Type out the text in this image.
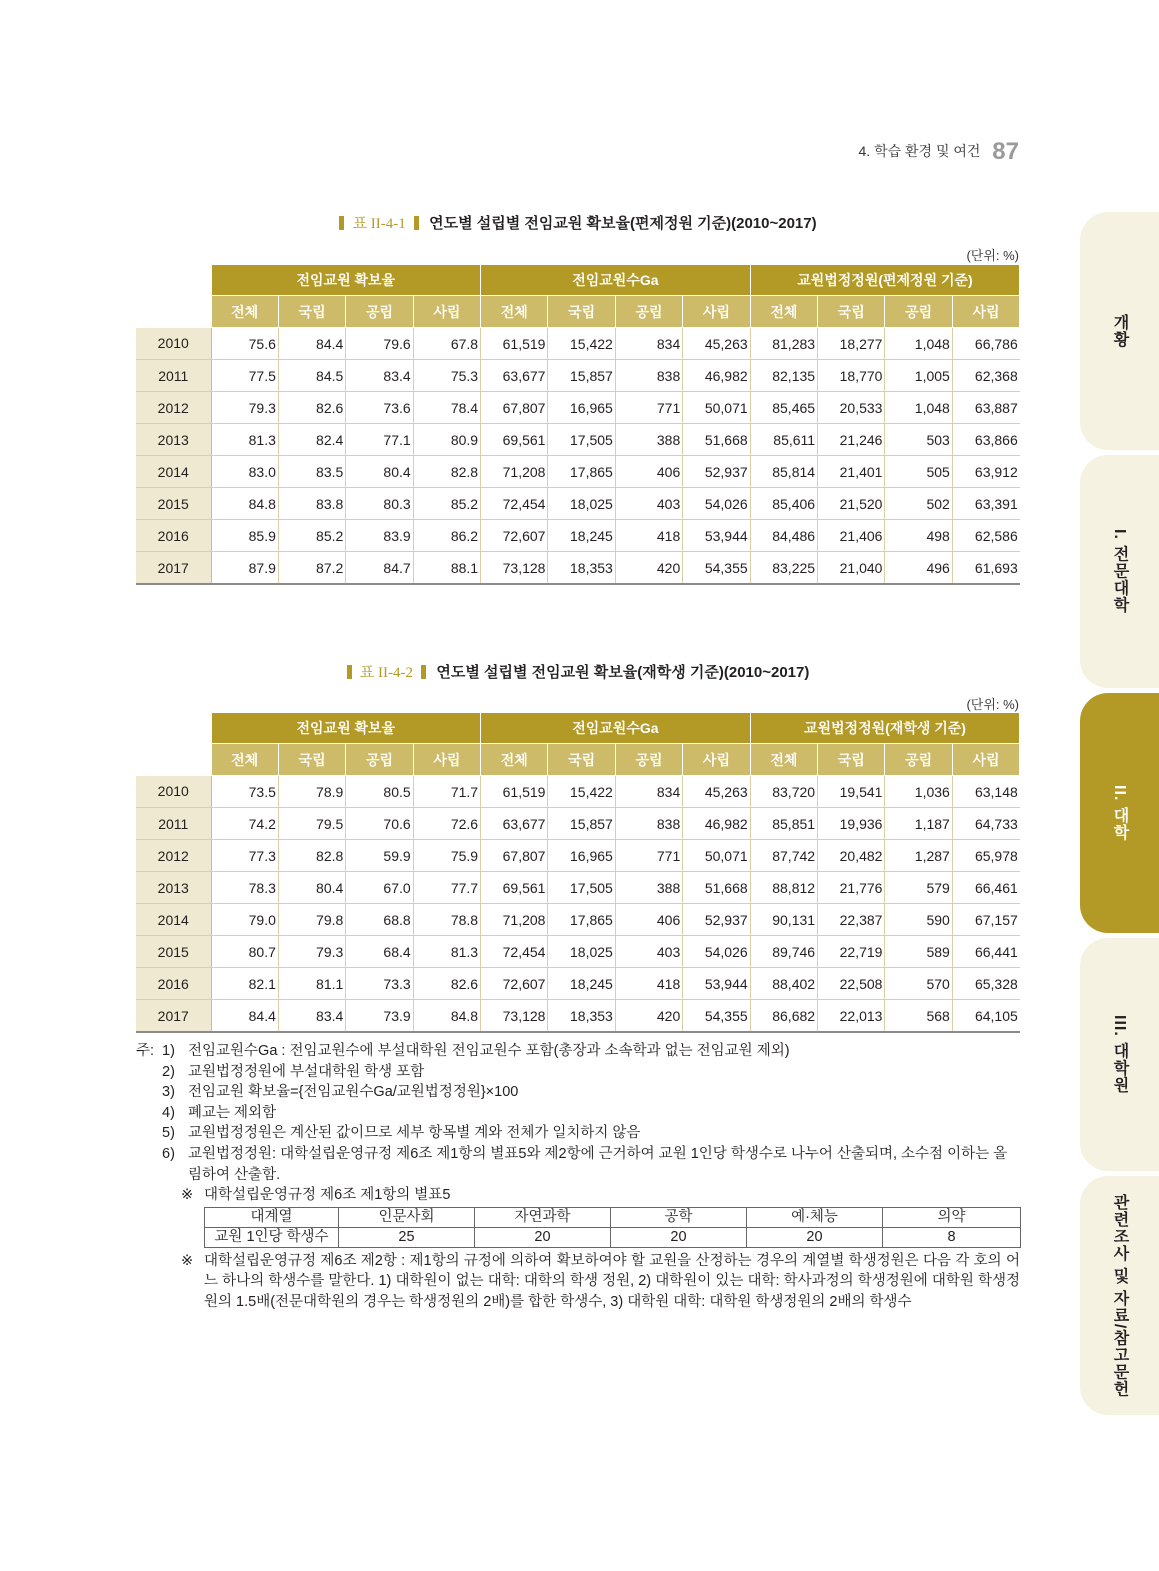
4. 학습 환경 및 여건 87
표 II-4-1 연도별 설립별 전임교원 확보율(편제정원 기준)(2010~2017)
(단위: %)
	전임교원 확보율				전임교원수Ga				교원법정정원(편제정원 기준)			
	전체	국립	공립	사립	전체	국립	공립	사립	전체	국립	공립	사립
2010	75.6	84.4	79.6	67.8	61,519	15,422	834	45,263	81,283	18,277	1,048	66,786
2011	77.5	84.5	83.4	75.3	63,677	15,857	838	46,982	82,135	18,770	1,005	62,368
2012	79.3	82.6	73.6	78.4	67,807	16,965	771	50,071	85,465	20,533	1,048	63,887
2013	81.3	82.4	77.1	80.9	69,561	17,505	388	51,668	85,611	21,246	503	63,866
2014	83.0	83.5	80.4	82.8	71,208	17,865	406	52,937	85,814	21,401	505	63,912
2015	84.8	83.8	80.3	85.2	72,454	18,025	403	54,026	85,406	21,520	502	63,391
2016	85.9	85.2	83.9	86.2	72,607	18,245	418	53,944	84,486	21,406	498	62,586
2017	87.9	87.2	84.7	88.1	73,128	18,353	420	54,355	83,225	21,040	496	61,693
표 II-4-2 연도별 설립별 전임교원 확보율(재학생 기준)(2010~2017)
(단위: %)
	전임교원 확보율				전임교원수Ga				교원법정정원(재학생 기준)			
	전체	국립	공립	사립	전체	국립	공립	사립	전체	국립	공립	사립
2010	73.5	78.9	80.5	71.7	61,519	15,422	834	45,263	83,720	19,541	1,036	63,148
2011	74.2	79.5	70.6	72.6	63,677	15,857	838	46,982	85,851	19,936	1,187	64,733
2012	77.3	82.8	59.9	75.9	67,807	16,965	771	50,071	87,742	20,482	1,287	65,978
2013	78.3	80.4	67.0	77.7	69,561	17,505	388	51,668	88,812	21,776	579	66,461
2014	79.0	79.8	68.8	78.8	71,208	17,865	406	52,937	90,131	22,387	590	67,157
2015	80.7	79.3	68.4	81.3	72,454	18,025	403	54,026	89,746	22,719	589	66,441
2016	82.1	81.1	73.3	82.6	72,607	18,245	418	53,944	88,402	22,508	570	65,328
2017	84.4	83.4	73.9	84.8	73,128	18,353	420	54,355	86,682	22,013	568	64,105
주: 1) 전임교원수Ga : 전임교원수에 부설대학원 전임교원수 포함(총장과 소속학과 없는 전임교원 제외)
2) 교원법정정원에 부설대학원 학생 포함
3) 전임교원 확보율={전임교원수Ga/교원법정정원}×100
4) 폐교는 제외함
5) 교원법정정원은 계산된 값이므로 세부 항목별 계와 전체가 일치하지 않음
6) 교원법정정원: 대학설립운영규정 제6조 제1항의 별표5와 제2항에 근거하여 교원 1인당 학생수로 나누어 산출되며, 소수점 이하는 올림하여 산출함.
※ 대학설립운영규정 제6조 제1항의 별표5
대계열	인문사회	자연과학	공학	예·체능	의약
교원 1인당 학생수	25	20	20	20	8
※ 대학설립운영규정 제6조 제2항 : 제1항의 규정에 의하여 확보하여야 할 교원을 산정하는 경우의 계열별 학생정원은 다음 각 호의 어느 하나의 학생수를 말한다. 1) 대학원이 없는 대학: 대학의 학생 정원, 2) 대학원이 있는 대학: 학사과정의 학생정원에 대학원 학생정원의 1.5배(전문대학원의 경우는 학생정원의 2배)를 합한 학생수, 3) 대학원 대학: 대학원 학생정원의 2배의 학생수
개황
I. 전문대학
II. 대학
III. 대학원
관련조사 및 자료/참고문헌
